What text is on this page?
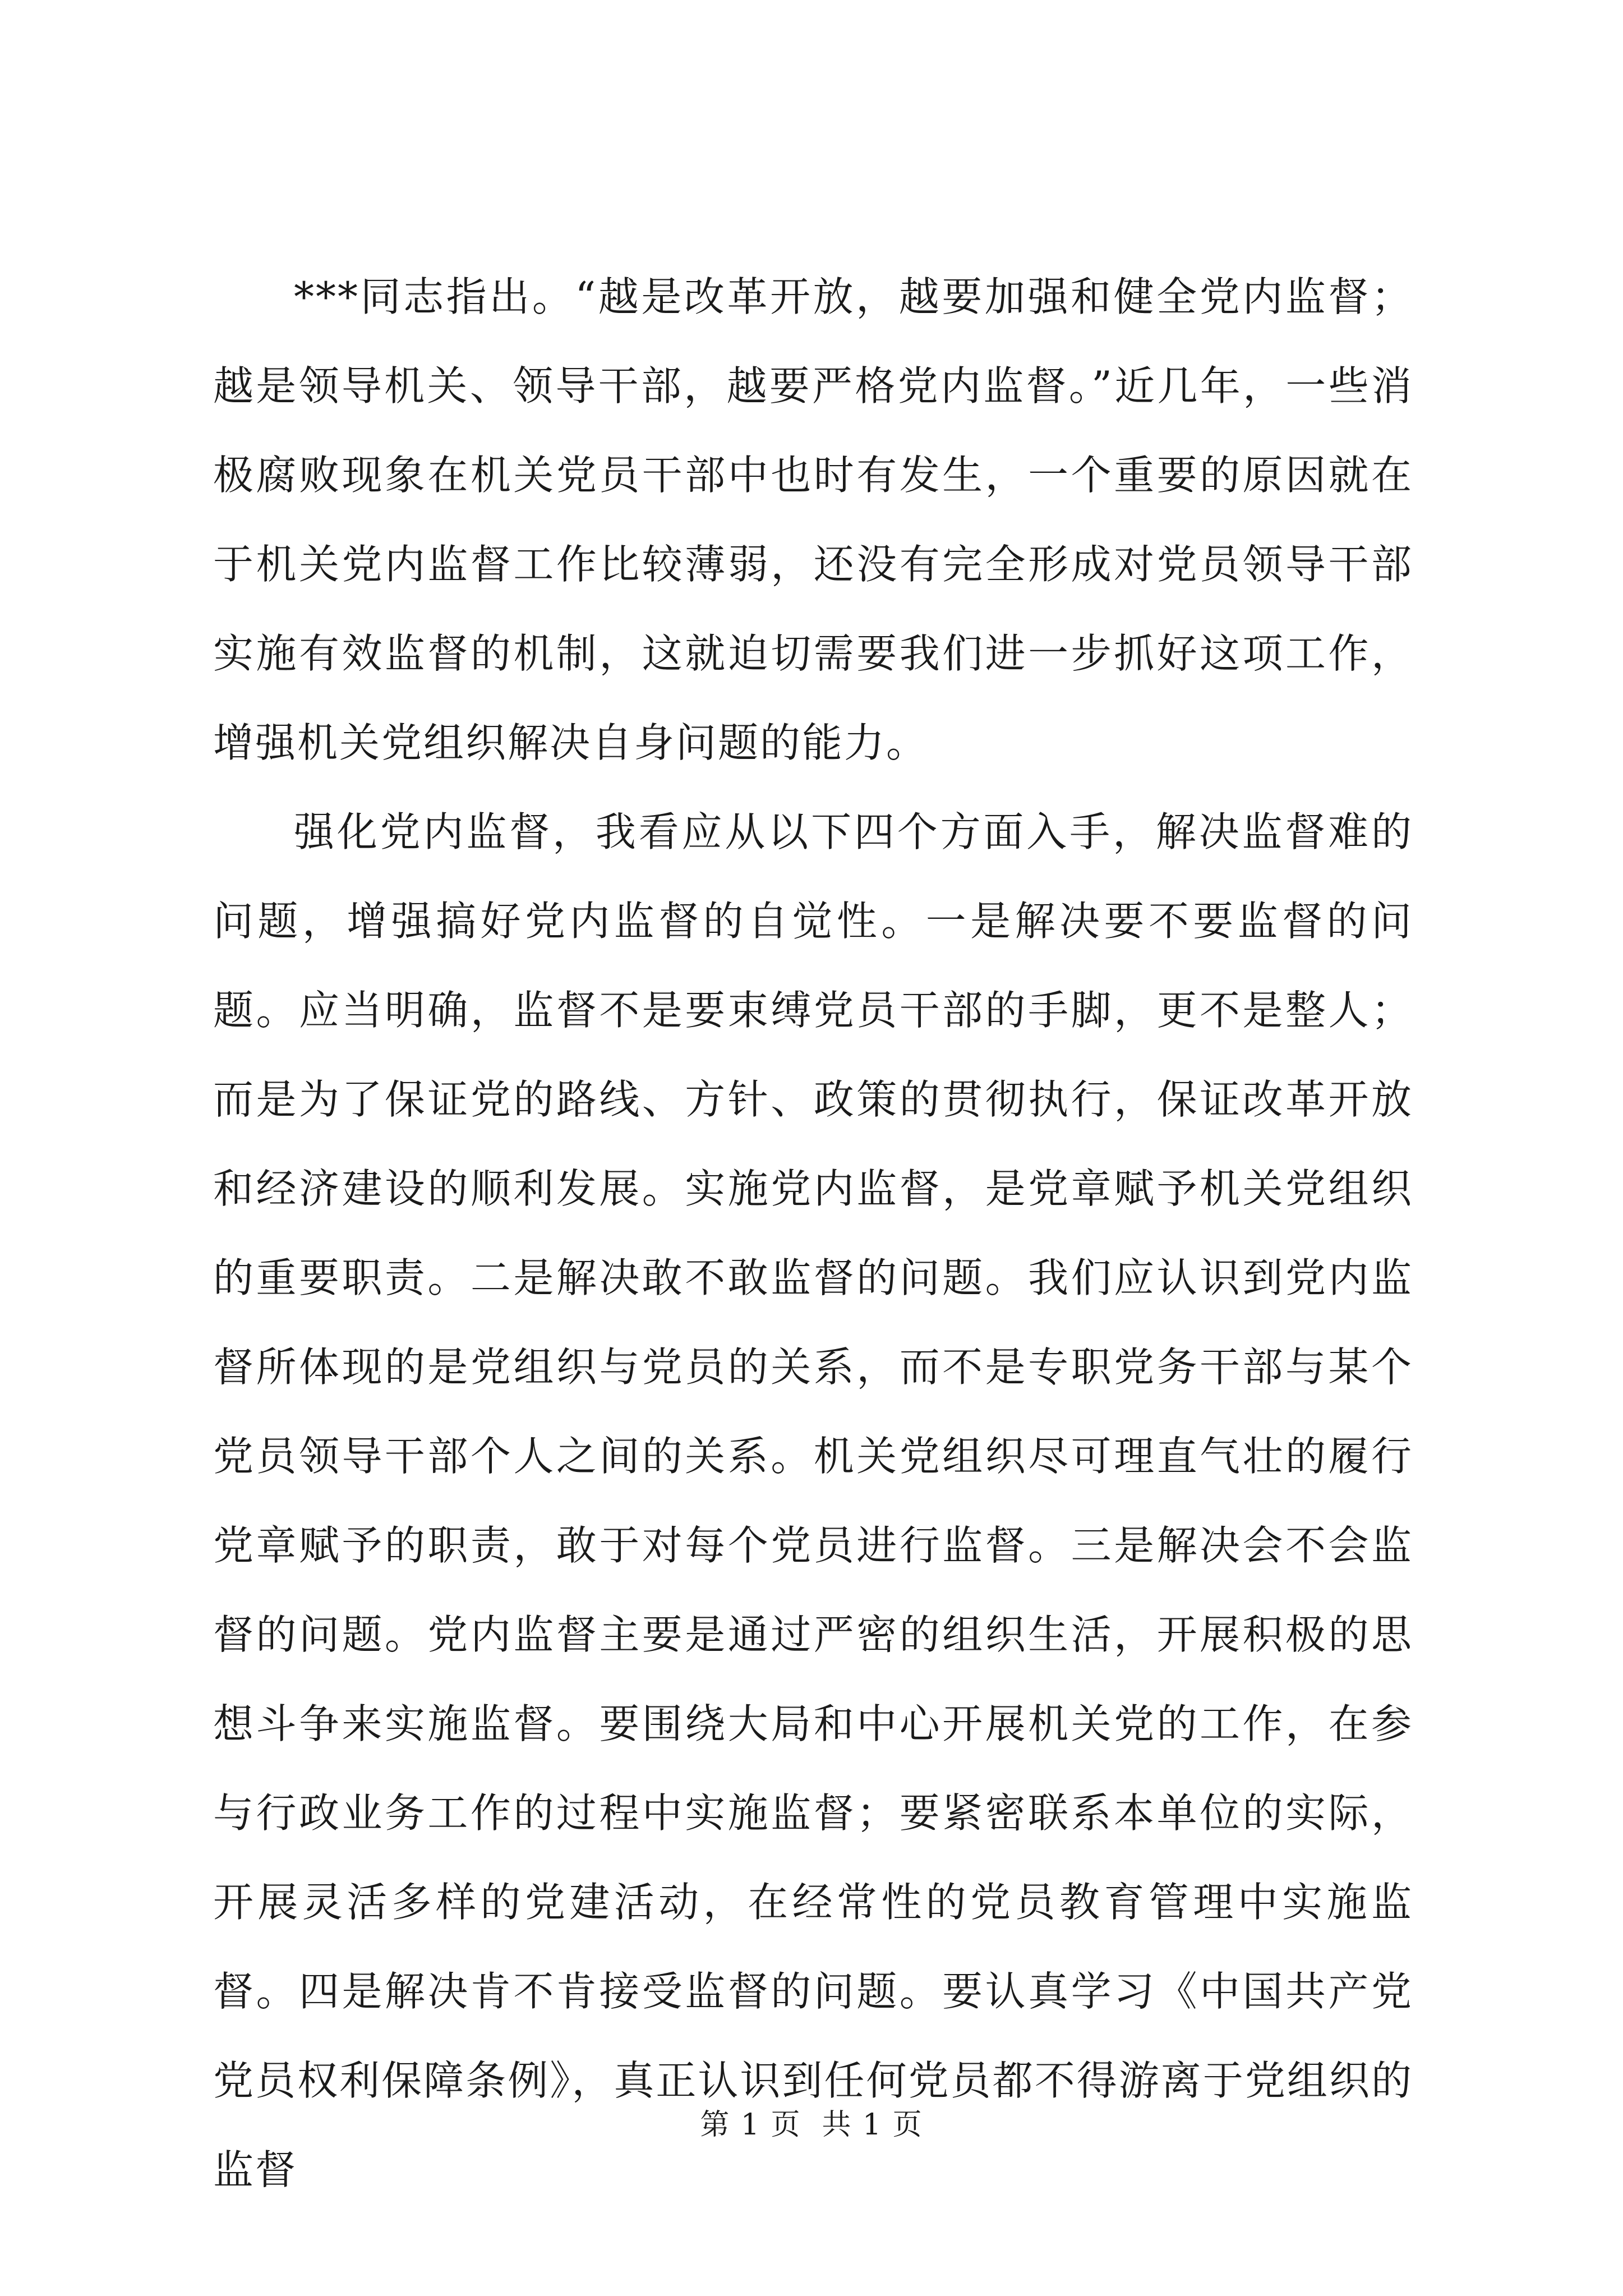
***同志指出。“越是改革开放，越要加强和健全党内监督；越是领导机关、领导干部，越要严格党内监督。”近几年，一些消极腐败现象在机关党员干部中也时有发生，一个重要的原因就在于机关党内监督工作比较薄弱，还没有完全形成对党员领导干部实施有效监督的机制，这就迫切需要我们进一步抓好这项工作，增强机关党组织解决自身问题的能力。

强化党内监督，我看应从以下四个方面入手，解决监督难的问题，增强搞好党内监督的自觉性。一是解决要不要监督的问题。应当明确，监督不是要束缚党员干部的手脚，更不是整人；而是为了保证党的路线、方针、政策的贯彻执行，保证改革开放和经济建设的顺利发展。实施党内监督，是党章赋予机关党组织的重要职责。二是解决敢不敢监督的问题。我们应认识到党内监督所体现的是党组织与党员的关系，而不是专职党务干部与某个党员领导干部个人之间的关系。机关党组织尽可理直气壮的履行党章赋予的职责，敢于对每个党员进行监督。三是解决会不会监督的问题。党内监督主要是通过严密的组织生活，开展积极的思想斗争来实施监督。要围绕大局和中心开展机关党的工作，在参与行政业务工作的过程中实施监督；要紧密联系本单位的实际，开展灵活多样的党建活动，在经常性的党员教育管理中实施监督。四是解决肯不肯接受监督的问题。要认真学习《中国共产党党员权利保障条例》，真正认识到任何党员都不得游离于党组织的监督

第 1 页  共 1 页
